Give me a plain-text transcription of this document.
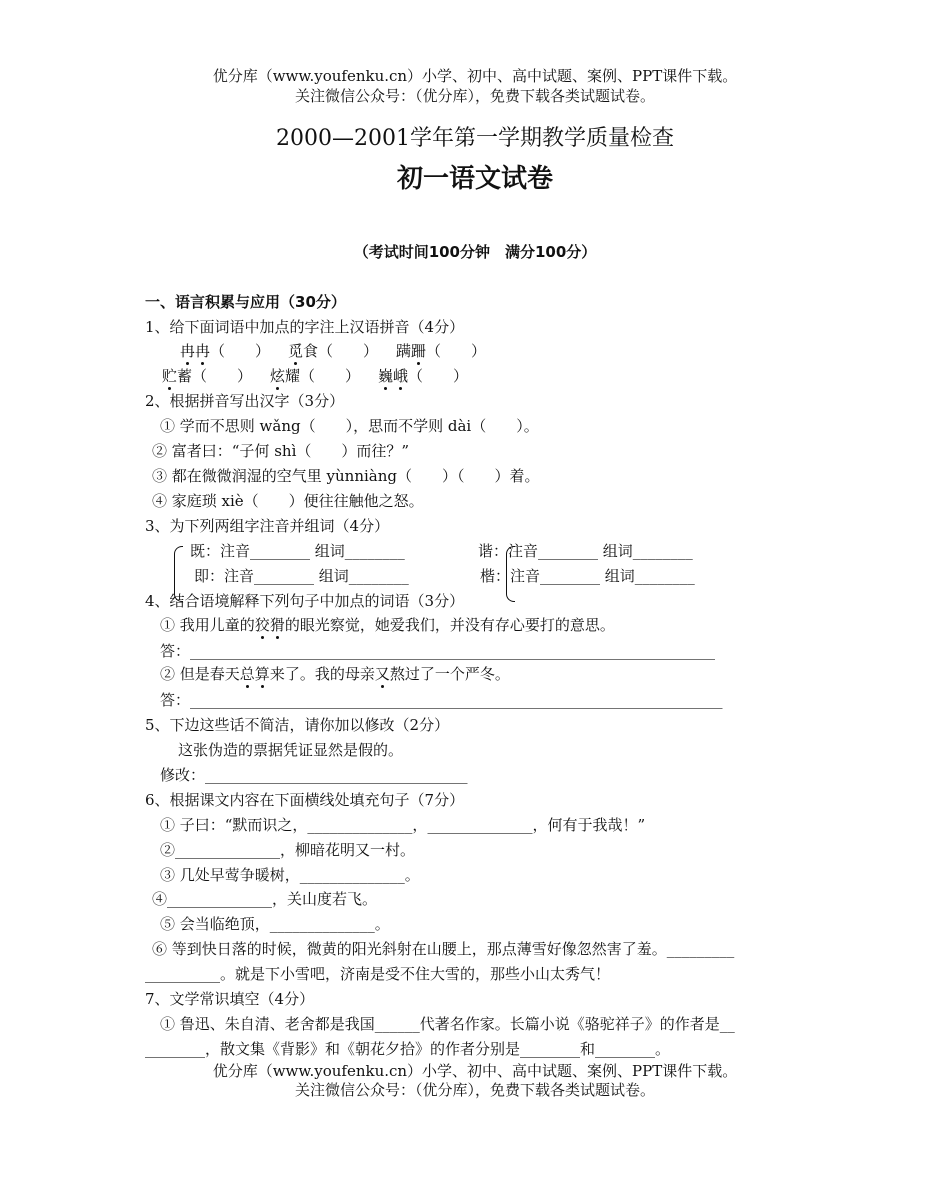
优分库（www.youfenku.cn）小学、初中、高中试题、案例、PPT课件下载。
关注微信公众号：（优分库），免费下载各类试题试卷。
2000—2001学年第一学期教学质量检查
初一语文试卷
（考试时间100分钟　满分100分）
一、语言积累与应用（30分）
1、给下面词语中加点的字注上汉语拼音（4分）
冉冉（　　） 觅食（　　） 蹒跚（　　）
贮蓄（　　） 炫耀（　　） 巍峨（　　）
2、根据拼音写出汉字（3分）
① 学而不思则 wǎng（　　），思而不学则 dài（　　）。
② 富者曰：“子何 shì（　　）而往？”
③ 都在微微润湿的空气里 yùnniàng（　　）（　　）着。
④ 家庭琐 xiè（　　）便往往触他之怒。
3、为下列两组字注音并组词（4分）
既：注音________ 组词________
即：注音________ 组词________
谐：注音________ 组词________
楷：注音________ 组词________
4、结合语境解释下列句子中加点的词语（3分）
① 我用儿童的狡猾的眼光察觉，她爱我们，并没有存心要打的意思。
答：______________________________________________________________________
② 但是春天总算来了。我的母亲又熬过了一个严冬。
答：_______________________________________________________________________
5、下边这些话不简洁，请你加以修改（2分）
这张伪造的票据凭证显然是假的。
修改：___________________________________
6、根据课文内容在下面横线处填充句子（7分）
① 子曰：“默而识之，______________，______________，何有于我哉！”
②______________，柳暗花明又一村。
③ 几处早莺争暖树，______________。
④______________，关山度若飞。
⑤ 会当临绝顶，______________。
⑥ 等到快日落的时候，微黄的阳光斜射在山腰上，那点薄雪好像忽然害了羞。_________
__________。就是下小雪吧，济南是受不住大雪的，那些小山太秀气！
7、文学常识填空（4分）
① 鲁迅、朱自清、老舍都是我国______代著名作家。长篇小说《骆驼祥子》的作者是__
________，散文集《背影》和《朝花夕拾》的作者分别是________和________。
优分库（www.youfenku.cn）小学、初中、高中试题、案例、PPT课件下载。
关注微信公众号：（优分库），免费下载各类试题试卷。
